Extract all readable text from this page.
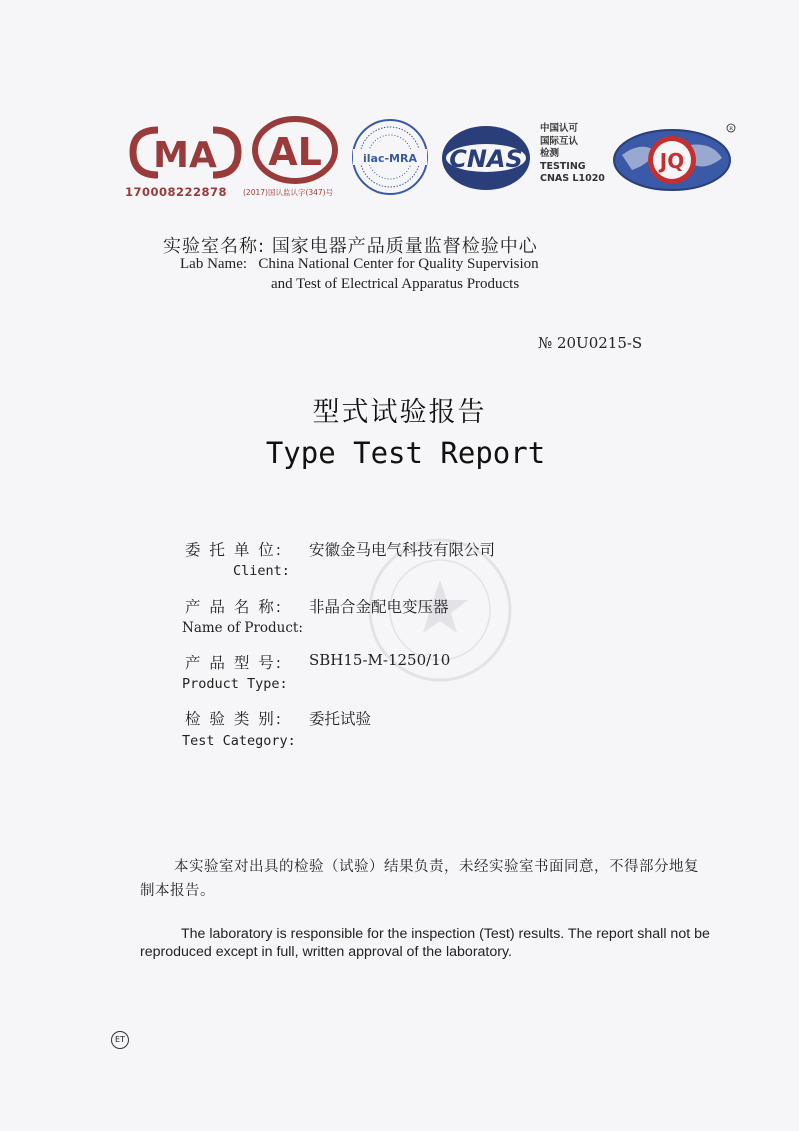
MA
170008222878
AL
(2017)国认监认字(347)号
ilac-MRA CNAS
中国认可
国际互认
检测
TESTING
CNAS L1020
JQ
R
实验室名称: 国家电器产品质量监督检验中心
Lab Name: China National Center for Quality Supervision
and Test of Electrical Apparatus Products
№ 20U0215-S
型式试验报告
Type Test Report
委 托 单 位: 安徽金马电气科技有限公司
Client:
产 品 名 称: 非晶合金配电变压器
Name of Product:
产 品 型 号: SBH15-M-1250/10
Product Type:
检 验 类 别: 委托试验
Test Category:
本实验室对出具的检验（试验）结果负责，未经实验室书面同意，不得部分地复制本报告。
The laboratory is responsible for the inspection (Test) results. The report shall not be reproduced except in full, written approval of the laboratory.
ET
